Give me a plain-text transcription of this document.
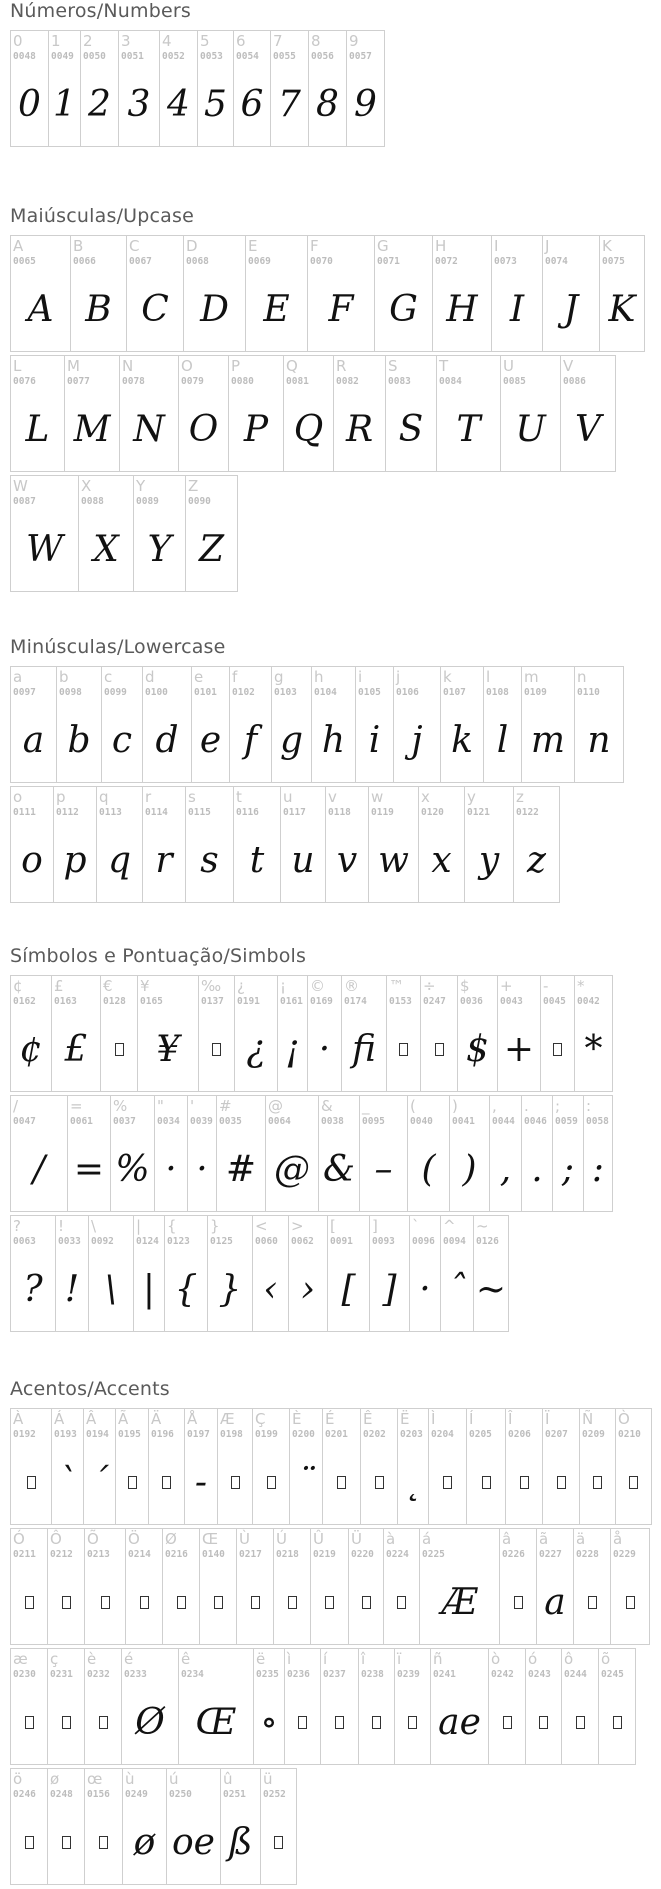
Números/Numbers
0
0048
0
1
0049
1
2
0050
2
3
0051
3
4
0052
4
5
0053
5
6
0054
6
7
0055
7
8
0056
8
9
0057
9

Maiúsculas/Upcase
A
0065
A
B
0066
B
C
0067
C
D
0068
D
E
0069
E
F
0070
F
G
0071
G
H
0072
H
I
0073
I
J
0074
J
K
0075
K

L
0076
L
M
0077
M
N
0078
N
O
0079
O
P
0080
P
Q
0081
Q
R
0082
R
S
0083
S
T
0084
T
U
0085
U
V
0086
V

W
0087
W
X
0088
X
Y
0089
Y
Z
0090
Z

Minúsculas/Lowercase
a
0097
a
b
0098
b
c
0099
c
d
0100
d
e
0101
e
f
0102
f
g
0103
g
h
0104
h
i
0105
i
j
0106
j
k
0107
k
l
0108
l
m
0109
m
n
0110
n

o
0111
o
p
0112
p
q
0113
q
r
0114
r
s
0115
s
t
0116
t
u
0117
u
v
0118
v
w
0119
w
x
0120
x
y
0121
y
z
0122
z

Símbolos e Pontuação/Simbols
¢
0162
¢
£
0163
£
€
0128
¥
0165
¥
‰
0137
¿
0191
¿
¡
0161
¡
©
0169
·
®
0174
fi
™
0153
÷
0247
$
0036
$
+
0043
+
-
0045
*
0042
*

/
0047
/
=
0061
=
%
0037
%
"
0034
·
'
0039
·
#
0035
#
@
0064
@
&
0038
&
_
0095
–
(
0040
(
)
0041
)
,
0044
,
.
0046
.
;
0059
;
:
0058
:

?
0063
?
!
0033
!
\
0092
\
|
0124
|
{
0123
{
}
0125
}
<
0060
‹
>
0062
›
[
0091
[
]
0093
]
`
0096
·
^
0094
ˆ
~
0126
~

Acentos/Accents
À
0192
Á
0193
`
Â
0194
´
Ã
0195
Ä
0196
Å
0197
-
Æ
0198
Ç
0199
È
0200
¨
É
0201
Ê
0202
Ë
0203
˛
Ì
0204
Í
0205
Î
0206
Ï
0207
Ñ
0209
Ò
0210

Ó
0211
Ô
0212
Õ
0213
Ö
0214
Ø
0216
Œ
0140
Ù
0217
Ú
0218
Û
0219
Ü
0220
à
0224
á
0225
Æ
â
0226
ã
0227
a
ä
0228
å
0229

æ
0230
ç
0231
è
0232
é
0233
Ø
ê
0234
Œ
ë
0235
∘
ì
0236
í
0237
î
0238
ï
0239
ñ
0241
ae
ò
0242
ó
0243
ô
0244
õ
0245

ö
0246
ø
0248
œ
0156
ù
0249
ø
ú
0250
oe
û
0251
ß
ü
0252
